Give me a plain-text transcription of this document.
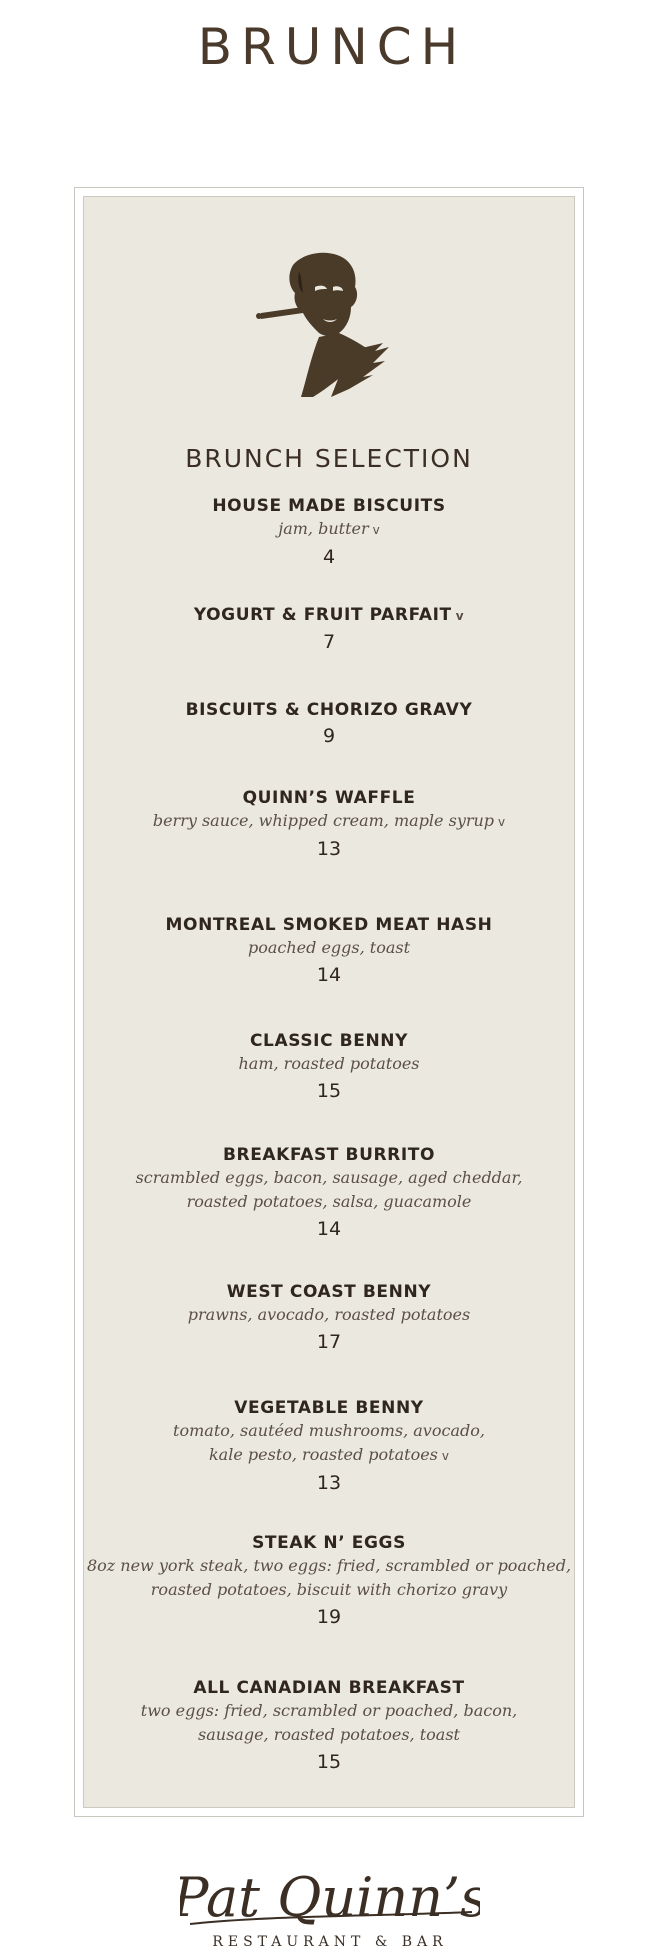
BRUNCH
BRUNCH SELECTION
HOUSE MADE BISCUITS
jam, butter v
4
YOGURT & FRUIT PARFAIT v
7
BISCUITS & CHORIZO GRAVY
9
QUINN’S WAFFLE
berry sauce, whipped cream, maple syrup v
13
MONTREAL SMOKED MEAT HASH
poached eggs, toast
14
CLASSIC BENNY
ham, roasted potatoes
15
BREAKFAST BURRITO
scrambled eggs, bacon, sausage, aged cheddar,
roasted potatoes, salsa, guacamole
14
WEST COAST BENNY
prawns, avocado, roasted potatoes
17
VEGETABLE BENNY
tomato, sautéed mushrooms, avocado,
kale pesto, roasted potatoes v
13
STEAK N’ EGGS
8oz new york steak, two eggs: fried, scrambled or poached,
roasted potatoes, biscuit with chorizo gravy
19
ALL CANADIAN BREAKFAST
two eggs: fried, scrambled or poached, bacon,
sausage, roasted potatoes, toast
15
Pat Quinn’s
RESTAURANT & BAR
